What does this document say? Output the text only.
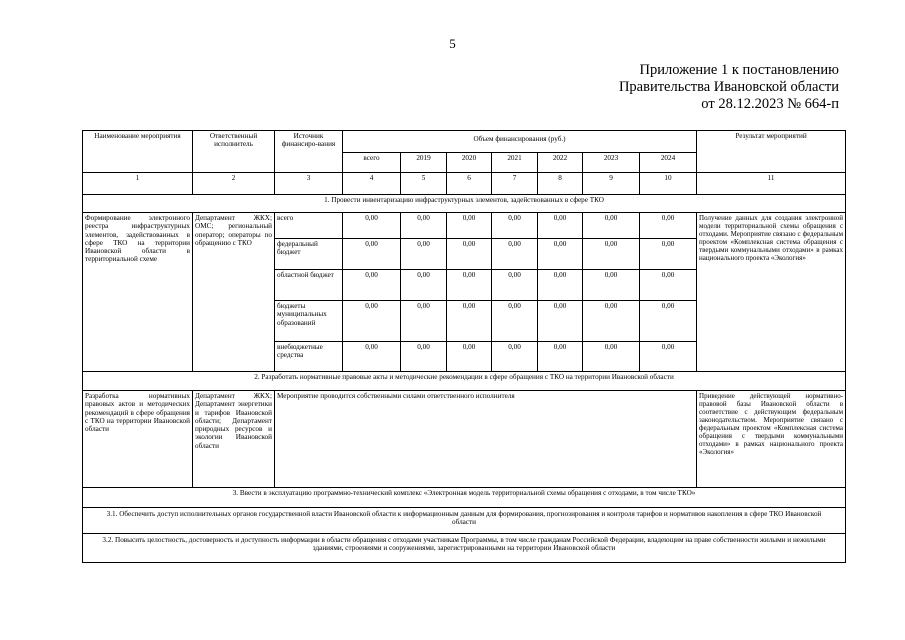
5
Приложение 1 к постановлению
Правительства Ивановской области
от 28.12.2023 № 664-п
Наименование мероприятия	Ответственный исполнитель	Источник финансиро-вания	Объем финансирования (руб.)							Результат мероприятий
			всего	2019	2020	2021	2022	2023	2024	
1	2	3	4	5	6	7	8	9	10	11
1. Провести инвентаризацию инфраструктурных элементов, задействованных в сфере ТКО										
Формирование электронного реестра инфраструктурных элементов, задействованных в сфере ТКО на территории Ивановской области в территориальной схеме	Департамент ЖКХ; ОМС; региональный оператор; операторы по обращению с ТКО	всего	0,00	0,00	0,00	0,00	0,00	0,00	0,00	Получение данных для создания электронной модели территориальной схемы обращения с отходами. Мероприятие связано с федеральным проектом «Комплексная система обращения с твердыми коммунальными отходами» в рамках национального проекта «Экология»
		федеральный бюджет	0,00	0,00	0,00	0,00	0,00	0,00	0,00	
		областной бюджет	0,00	0,00	0,00	0,00	0,00	0,00	0,00	
		бюджеты муниципальных образований	0,00	0,00	0,00	0,00	0,00	0,00	0,00	
		внебюджетные средства	0,00	0,00	0,00	0,00	0,00	0,00	0,00	
2. Разработать нормативные правовые акты и методические рекомендации в сфере обращения с ТКО на территории Ивановской области										
Разработка нормативных правовых актов и методических рекомендаций в сфере обращения с ТКО на территории Ивановской области	Департамент ЖКХ; Департамент энергетики и тарифов Ивановской области; Департамент природных ресурсов и экологии Ивановской области	Мероприятие проводится собственными силами ответственного исполнителя								Приведение действующей нормативно-правовой базы Ивановской области в соответствие с действующим федеральным законодательством. Мероприятие связано с федеральным проектом «Комплексная система обращения с твердыми коммунальными отходами» в рамках национального проекта «Экология»
3. Ввести в эксплуатацию программно-технический комплекс «Электронная модель территориальной схемы обращения с отходами, в том числе ТКО»										
3.1. Обеспечить доступ исполнительных органов государственной власти Ивановской области к информационным данным для формирования, прогнозирования и контроля тарифов и нормативов накопления в сфере ТКО Ивановской области										
3.2. Повысить целостность, достоверность и доступность информации в области обращения с отходами участникам Программы, в том числе гражданам Российской Федерации, владеющим на праве собственности жилыми и нежилыми зданиями, строениями и сооружениями, зарегистрированными на территории Ивановской области										
